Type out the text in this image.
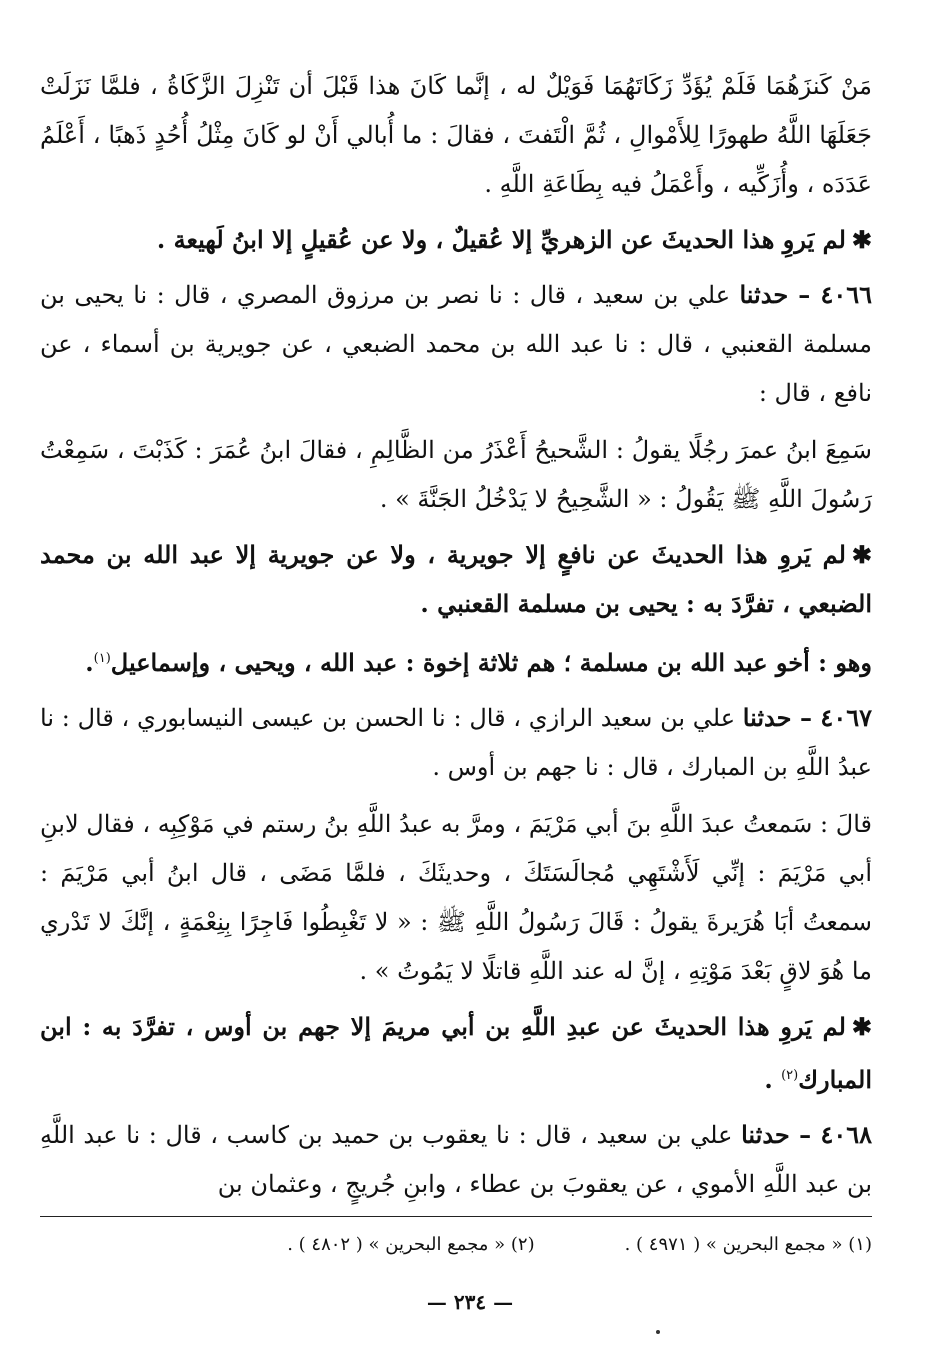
مَنْ كَنزَهُمَا فَلَمْ يُؤَدِّ زَكَاتَهُمَا فَوَيْلٌ له ، إنَّما كَانَ هذا قَبْلَ أن تَنْزِلَ الزَّكَاةُ ، فلمَّا نَزَلَتْ جَعَلَهَا اللَّهُ طهورًا لِلأَمْوالِ ، ثُمَّ الْتَفتَ ، فقالَ : ما أُبالي أَنْ لو كَانَ مِثْلُ أُحُدٍ ذَهبًا ، أَعْلَمُ عَدَدَه ، وأُزَكِّيه ، وأَعْمَلُ فيه بِطَاعَةِ اللَّهِ .

✱لم يَروِ هذا الحديثَ عن الزهريِّ إلا عُقيلٌ ، ولا عن عُقيلٍ إلا ابنُ لَهيعة .

٤٠٦٦ – حدثنا علي بن سعيد ، قال : نا نصر بن مرزوق المصري ، قال : نا يحيى بن مسلمة القعنبي ، قال : نا عبد الله بن محمد الضبعي ، عن جويرية بن أسماء ، عن نافع ، قال :

سَمِعَ ابنُ عمرَ رجُلًا يقولُ : الشَّحيحُ أَعْذَرُ من الظَّالِمِ ، فقالَ ابنُ عُمَرَ : كَذَبْتَ ، سَمِعْتُ رَسُولَ اللَّهِ ﷺ يَقُولُ : « الشَّحِيحُ لا يَدْخُلُ الجَنَّةَ » .

✱لم يَروِ هذا الحديثَ عن نافعٍ إلا جويرية ، ولا عن جويرية إلا عبد الله بن محمد الضبعي ، تفرَّدَ به : يحيى بن مسلمة القعنبي .

وهو : أخو عبد الله بن مسلمة ؛ هم ثلاثة إخوة : عبد الله ، ويحيى ، وإسماعيل$^{(١)}$.

٤٠٦٧ – حدثنا علي بن سعيد الرازي ، قال : نا الحسن بن عيسى النيسابوري ، قال : نا عبدُ اللَّهِ بن المبارك ، قال : نا جهم بن أوس .

قالَ : سَمعتُ عبدَ اللَّهِ بنَ أبي مَرْيَمَ ، ومرَّ به عبدُ اللَّهِ بنُ رستم في مَوْكِبِه ، فقال لابنِ أبي مَرْيَمَ : إنِّي لَأَشْتَهِي مُجالَسَتَكَ ، وحديثَكَ ، فلمَّا مَضَى ، قال ابنُ أبي مَرْيَمَ : سمعتُ أبَا هُرَيرةَ يقولُ : قَالَ رَسُولُ اللَّهِ ﷺ : « لا تَغْبِطُوا فَاجِرًا بِنِعْمَةٍ ، إنَّكَ لا تَدْري ما هُوَ لاقٍ بَعْدَ مَوْتِهِ ، إنَّ له عند اللَّهِ قاتلًا لا يَمُوتُ » .

✱لم يَروِ هذا الحديثَ عن عبدِ اللَّهِ بن أبي مريمَ إلا جهم بن أوس ، تفرَّدَ به : ابن المبارك$^{(٢)}$ .

٤٠٦٨ – حدثنا علي بن سعيد ، قال : نا يعقوب بن حميد بن كاسب ، قال : نا عبد اللَّهِ بن عبد اللَّهِ الأموي ، عن يعقوبَ بن عطاء ، وابنِ جُريجٍ ، وعثمان بن

(١) « مجمع البحرين » ( ٤٩٧١ ) .
(٢) « مجمع البحرين » ( ٤٨٠٢ ) .
— ٢٣٤ —
